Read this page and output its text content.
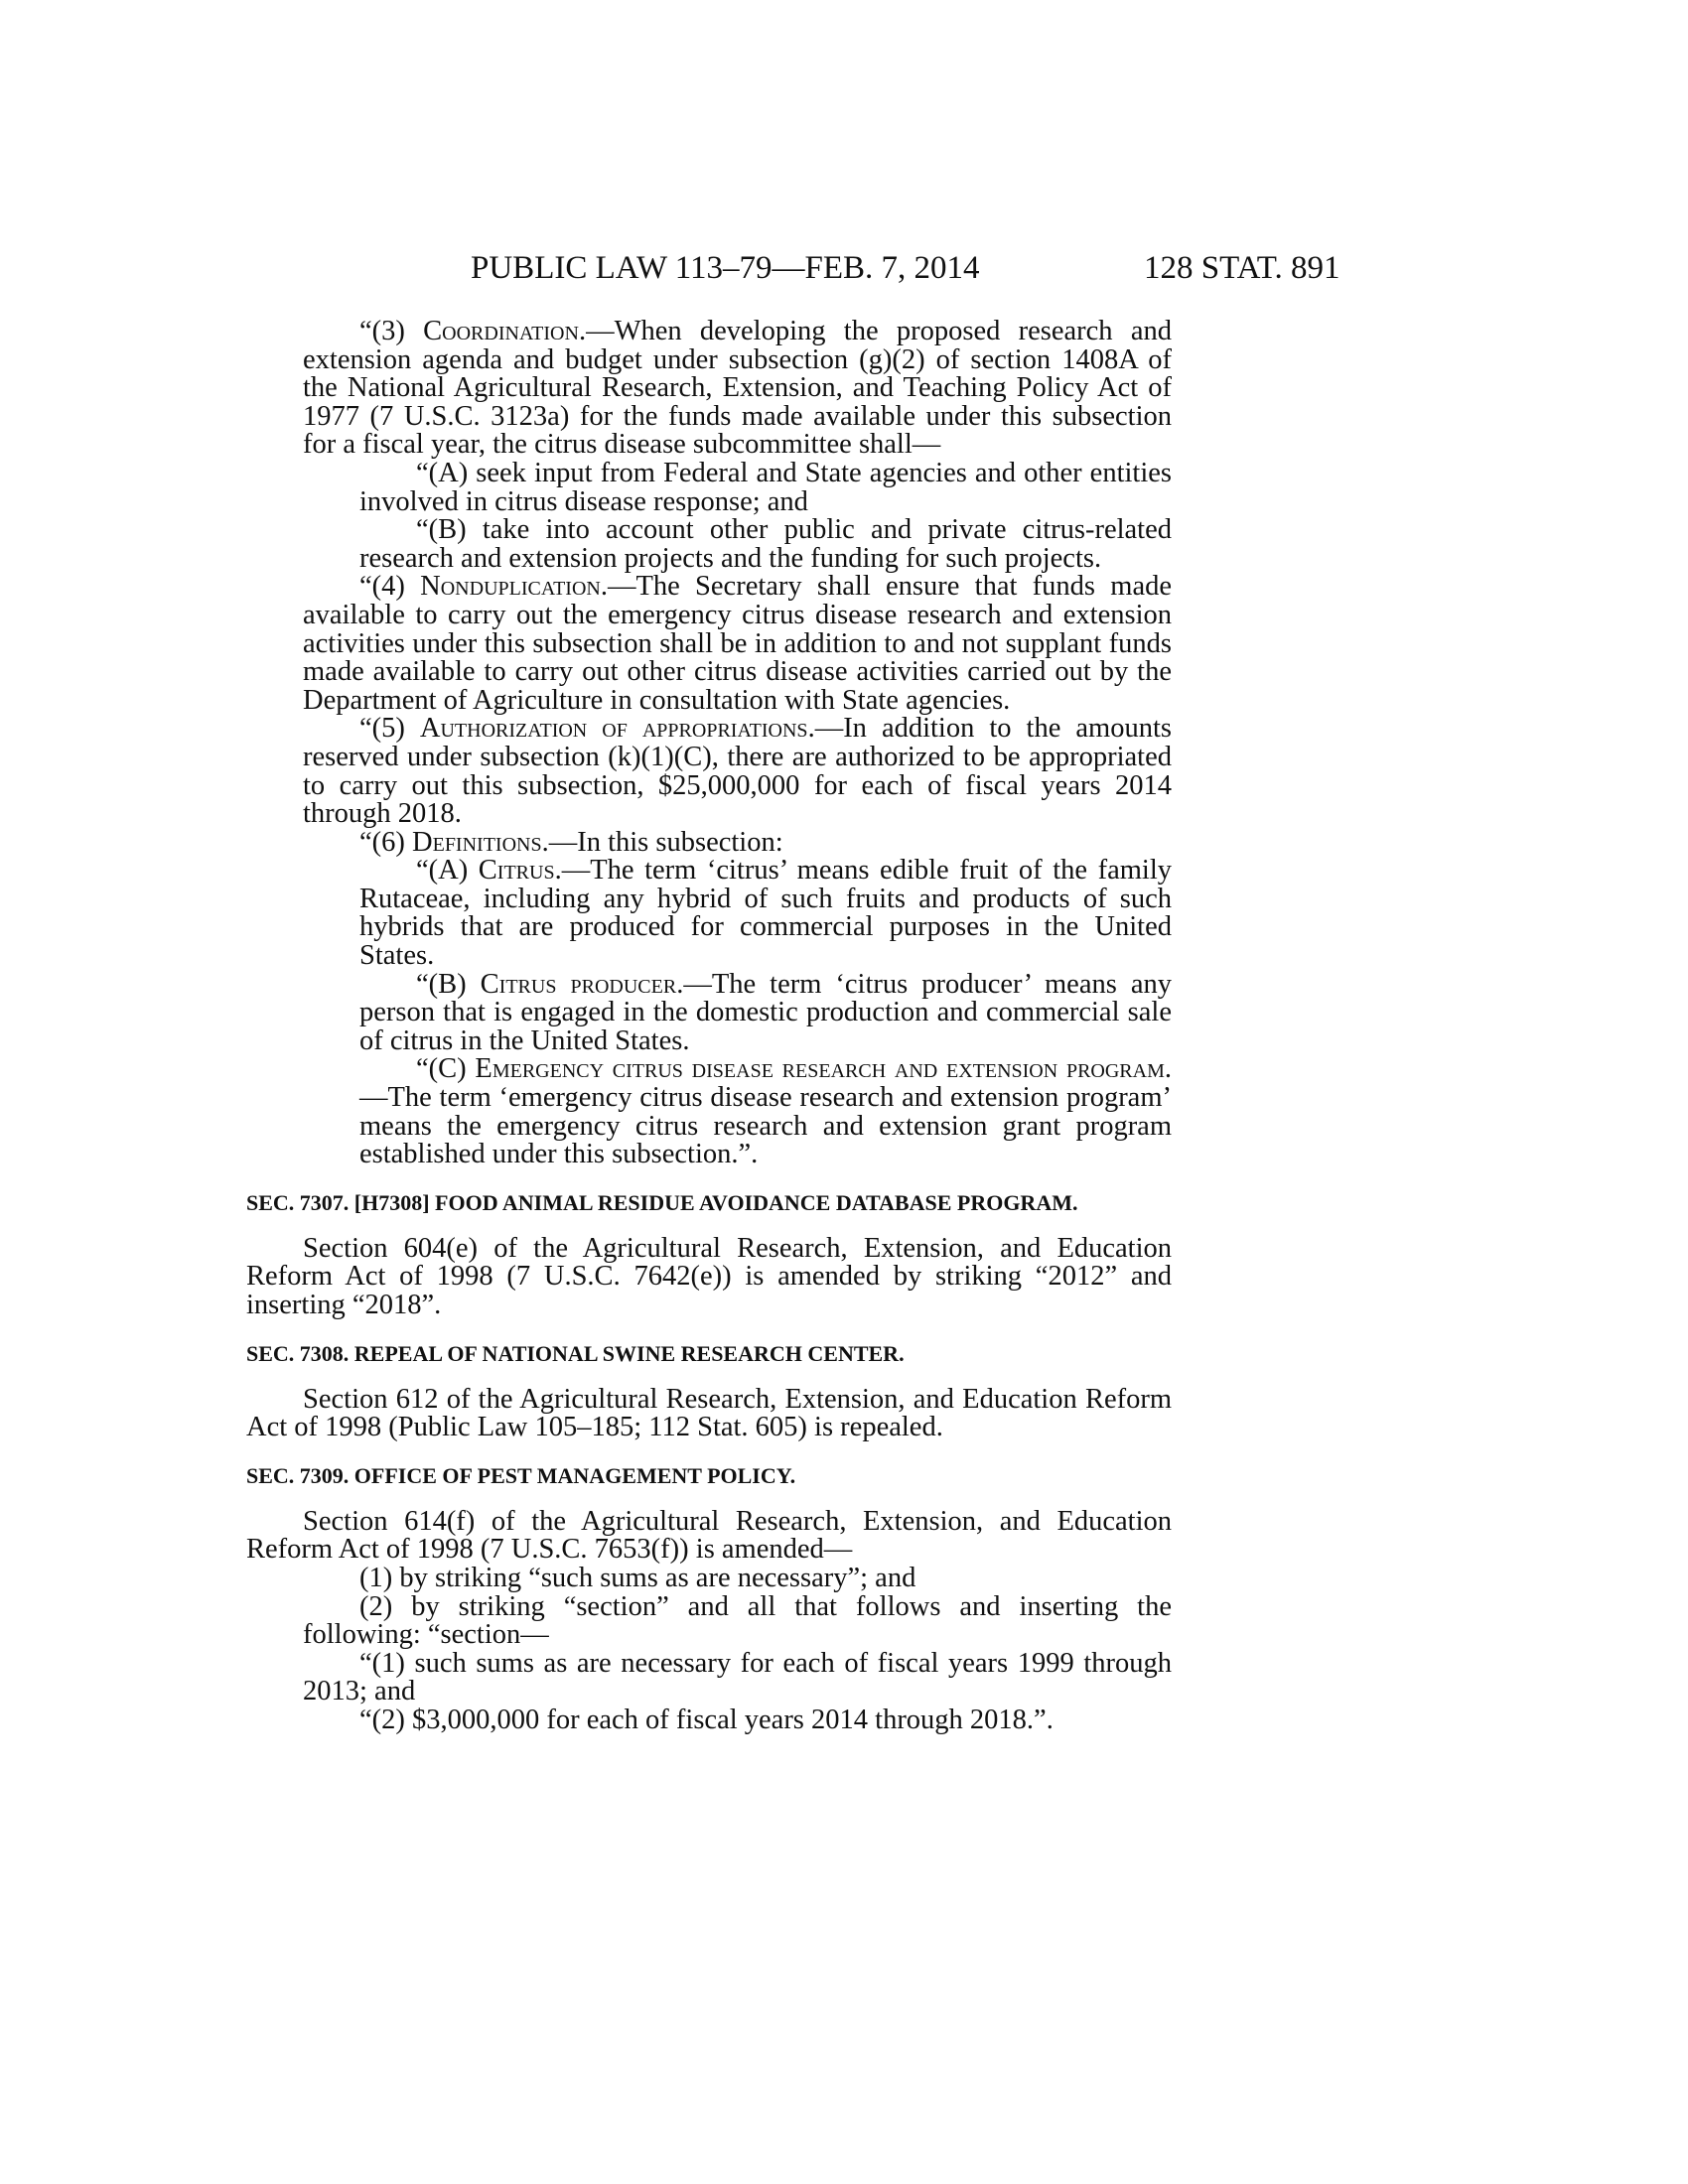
PUBLIC LAW 113–79—FEB. 7, 2014	128 STAT. 891

“(3) Coordination.—When developing the proposed research and extension agenda and budget under subsection (g)(2) of section 1408A of the National Agricultural Research, Extension, and Teaching Policy Act of 1977 (7 U.S.C. 3123a) for the funds made available under this subsection for a fiscal year, the citrus disease subcommittee shall—

“(A) seek input from Federal and State agencies and other entities involved in citrus disease response; and

“(B) take into account other public and private citrus-related research and extension projects and the funding for such projects.

“(4) Nonduplication.—The Secretary shall ensure that funds made available to carry out the emergency citrus disease research and extension activities under this subsection shall be in addition to and not supplant funds made available to carry out other citrus disease activities carried out by the Department of Agriculture in consultation with State agencies.

“(5) Authorization of appropriations.—In addition to the amounts reserved under subsection (k)(1)(C), there are authorized to be appropriated to carry out this subsection, $25,000,000 for each of fiscal years 2014 through 2018.

“(6) Definitions.—In this subsection:

“(A) Citrus.—The term ‘citrus’ means edible fruit of the family Rutaceae, including any hybrid of such fruits and products of such hybrids that are produced for commercial purposes in the United States.

“(B) Citrus producer.—The term ‘citrus producer’ means any person that is engaged in the domestic production and commercial sale of citrus in the United States.

“(C) Emergency citrus disease research and extension program.—The term ‘emergency citrus disease research and extension program’ means the emergency citrus research and extension grant program established under this subsection.”.

SEC. 7307. [H7308] FOOD ANIMAL RESIDUE AVOIDANCE DATABASE PROGRAM.

Section 604(e) of the Agricultural Research, Extension, and Education Reform Act of 1998 (7 U.S.C. 7642(e)) is amended by striking “2012” and inserting “2018”.

SEC. 7308. REPEAL OF NATIONAL SWINE RESEARCH CENTER.

Section 612 of the Agricultural Research, Extension, and Education Reform Act of 1998 (Public Law 105–185; 112 Stat. 605) is repealed.

SEC. 7309. OFFICE OF PEST MANAGEMENT POLICY.

Section 614(f) of the Agricultural Research, Extension, and Education Reform Act of 1998 (7 U.S.C. 7653(f)) is amended—

(1) by striking “such sums as are necessary”; and

(2) by striking “section” and all that follows and inserting the following: “section—

“(1) such sums as are necessary for each of fiscal years 1999 through 2013; and

“(2) $3,000,000 for each of fiscal years 2014 through 2018.”.
